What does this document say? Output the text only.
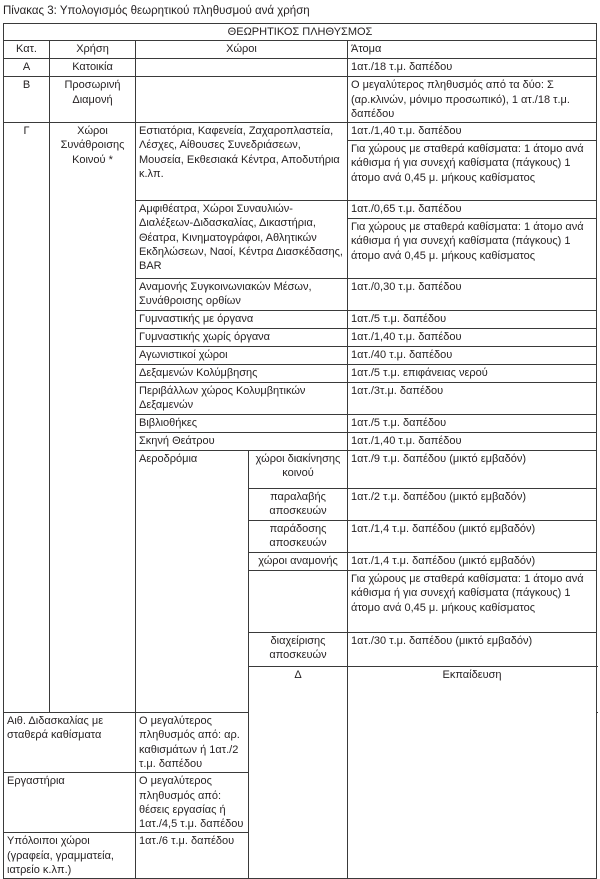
Πίνακας 3: Υπολογισμός θεωρητικού πληθυσμού ανά χρήση
ΘΕΩΡΗΤΙΚΟΣ ΠΛΗΘΥΣΜΟΣ					
Κατ.	Χρήση	Χώροι		Άτομα	
Α	Κατοικία			1ατ./18 τ.μ. δαπέδου	
Β	Προσωρινή Διαμονή			Ο μεγαλύτερος πληθυσμός από τα δύο: Σ (αρ.κλινών, μόνιμο προσωπικό), 1 ατ./18 τ.μ. δαπέδου	
Γ	Χώροι Συνάθροισης Κοινού *	Εστιατόρια, Καφενεία, Ζαχαροπλαστεία, Λέσχες, Αίθουσες Συνεδριάσεων, Μουσεία, Εκθεσιακά Κέντρα, Αποδυτήρια κ.λπ.		1ατ./1,40 τ.μ. δαπέδου	
				Για χώρους με σταθερά καθίσματα: 1 άτομο ανά κάθισμα ή για συνεχή καθίσματα (πάγκους) 1 άτομο ανά 0,45 μ. μήκους καθίσματος	
		Αμφιθέατρα, Χώροι Συναυλιών-Διαλέξεων-Διδασκαλίας, Δικαστήρια, Θέατρα, Κινηματογράφοι, Αθλητικών Εκδηλώσεων, Ναοί, Κέντρα Διασκέδασης, BAR		1ατ./0,65 τ.μ. δαπέδου	
				Για χώρους με σταθερά καθίσματα: 1 άτομο ανά κάθισμα ή για συνεχή καθίσματα (πάγκους) 1 άτομο ανά 0,45 μ. μήκους καθίσματος	
		Αναμονής Συγκοινωνιακών Μέσων, Συνάθροισης ορθίων		1ατ./0,30 τ.μ. δαπέδου	
		Γυμναστικής με όργανα		1ατ./5 τ.μ. δαπέδου	
		Γυμναστικής χωρίς όργανα		1ατ./1,40 τ.μ. δαπέδου	
		Αγωνιστικοί χώροι		1ατ./40 τ.μ. δαπέδου	
		Δεξαμενών Κολύμβησης		1ατ./5 τ.μ. επιφάνειας νερού	
		Περιβάλλων χώρος Κολυμβητικών Δεξαμενών		1ατ./3τ.μ. δαπέδου	
		Βιβλιοθήκες		1ατ./5 τ.μ. δαπέδου	
		Σκηνή Θεάτρου		1ατ./1,40 τ.μ. δαπέδου	
		Αεροδρόμια	χώροι διακίνησης κοινού	1ατ./9 τ.μ. δαπέδου (μικτό εμβαδόν)	
			παραλαβής αποσκευών	1ατ./2 τ.μ. δαπέδου (μικτό εμβαδόν)	
			παράδοσης αποσκευών	1ατ./1,4 τ.μ. δαπέδου (μικτό εμβαδόν)	
			χώροι αναμονής	1ατ./1,4 τ.μ. δαπέδου (μικτό εμβαδόν)	
				Για χώρους με σταθερά καθίσματα: 1 άτομο ανά κάθισμα ή για συνεχή καθίσματα (πάγκους) 1 άτομο ανά 0,45 μ. μήκους καθίσματος	
			διαχείρισης αποσκευών	1ατ./30 τ.μ. δαπέδου (μικτό εμβαδόν)	
			Δ	Εκπαίδευση		
Αιθ. Διδασκαλίας με σταθερά καθίσματα		Ο μεγαλύτερος πληθυσμός από: αρ. καθισμάτων ή 1ατ./2 τ.μ. δαπέδου			
Εργαστήρια		Ο μεγαλύτερος πληθυσμός από: θέσεις εργασίας ή 1ατ./4,5 τ.μ. δαπέδου			
Υπόλοιποι χώροι (γραφεία, γραμματεία, ιατρείο κ.λπ.)		1ατ./6 τ.μ. δαπέδου			
